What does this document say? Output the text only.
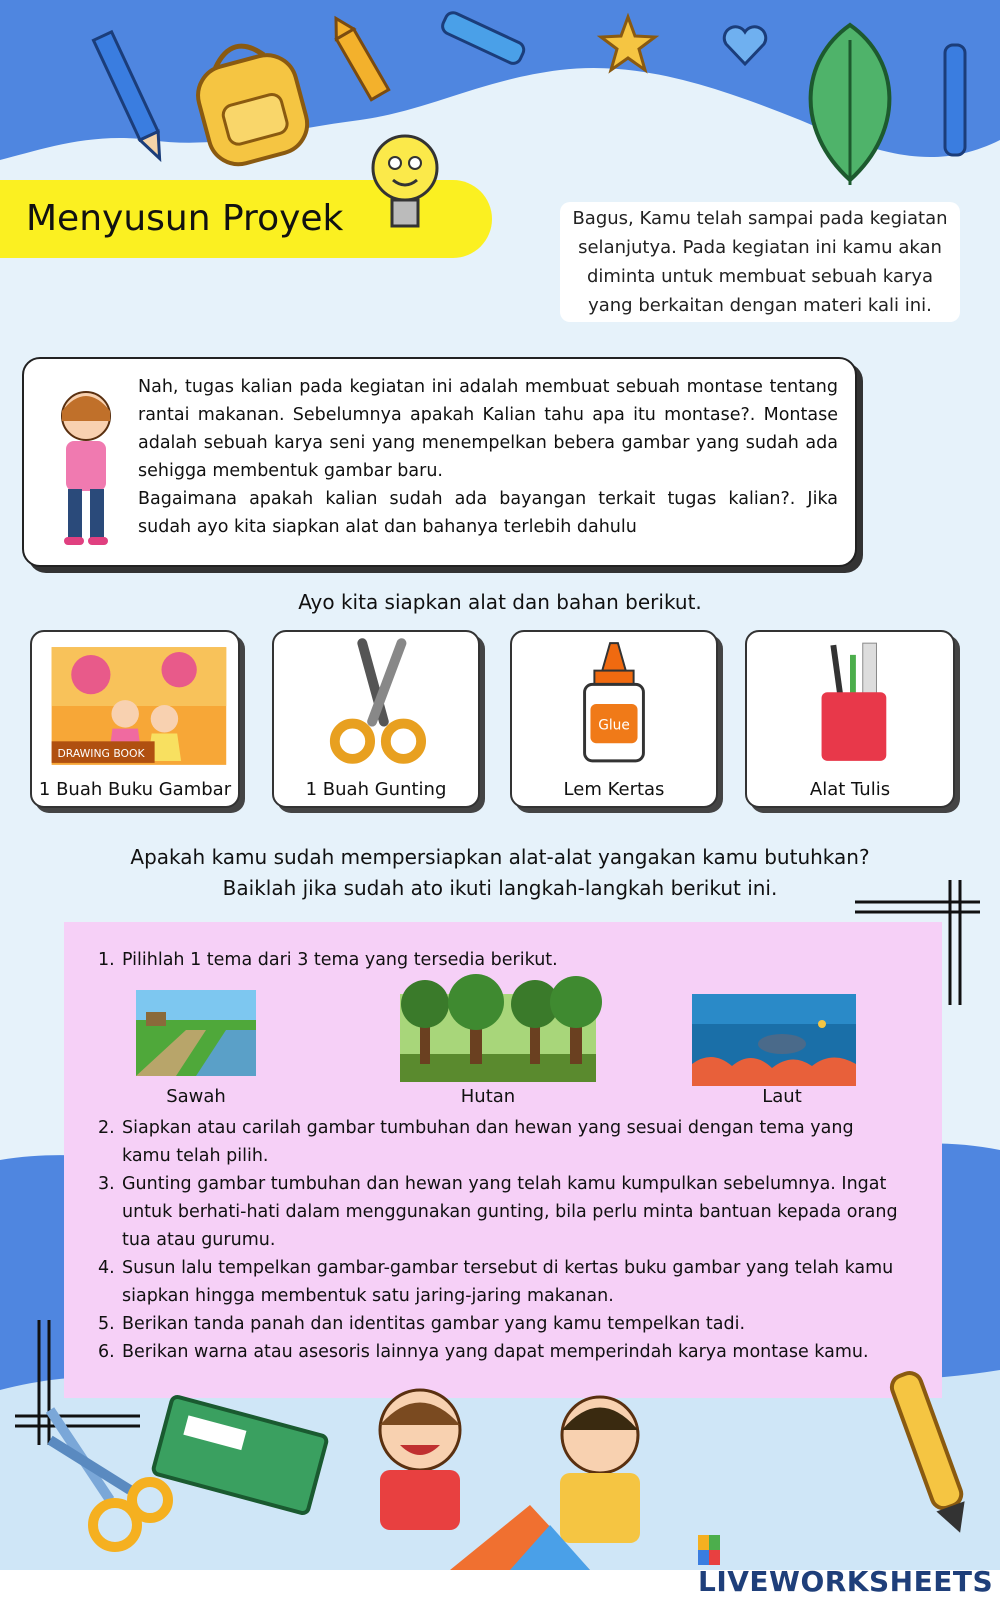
Menyusun Proyek	Bagus, Kamu telah sampai pada kegiatan selanjutya. Pada kegiatan ini kamu akan diminta untuk membuat sebuah karya yang berkaitan dengan materi kali ini.

Nah, tugas kalian pada kegiatan ini adalah membuat sebuah montase tentang rantai makanan. Sebelumnya apakah Kalian tahu apa itu montase?. Montase adalah sebuah karya seni yang menempelkan bebera gambar yang sudah ada sehigga membentuk gambar baru.

Bagaimana apakah kalian sudah ada bayangan terkait tugas kalian?. Jika sudah ayo kita siapkan alat dan bahanya terlebih dahulu

Ayo kita siapkan alat dan bahan berikut.
DRAWING BOOK
1 Buah Buku Gambar	1 Buah Gunting
Glue
Lem Kertas	Alat Tulis
Apakah kamu sudah mempersiapkan alat-alat yangakan kamu butuhkan?
Baiklah jika sudah ato ikuti langkah-langkah berikut ini.
1. Pilihlah 1 tema dari 3 tema yang tersedia berikut.
Sawah	Hutan	Laut
2. Siapkan atau carilah gambar tumbuhan dan hewan yang sesuai dengan tema yang kamu telah pilih.
3. Gunting gambar tumbuhan dan hewan yang telah kamu kumpulkan sebelumnya. Ingat untuk berhati-hati dalam menggunakan gunting, bila perlu minta bantuan kepada orang tua atau gurumu.
4. Susun lalu tempelkan gambar-gambar tersebut di kertas buku gambar yang telah kamu siapkan hingga membentuk satu jaring-jaring makanan.
5. Berikan tanda panah dan identitas gambar yang kamu tempelkan tadi.
6. Berikan warna atau asesoris lainnya yang dapat memperindah karya montase kamu.
LIVEWORKSHEETS
